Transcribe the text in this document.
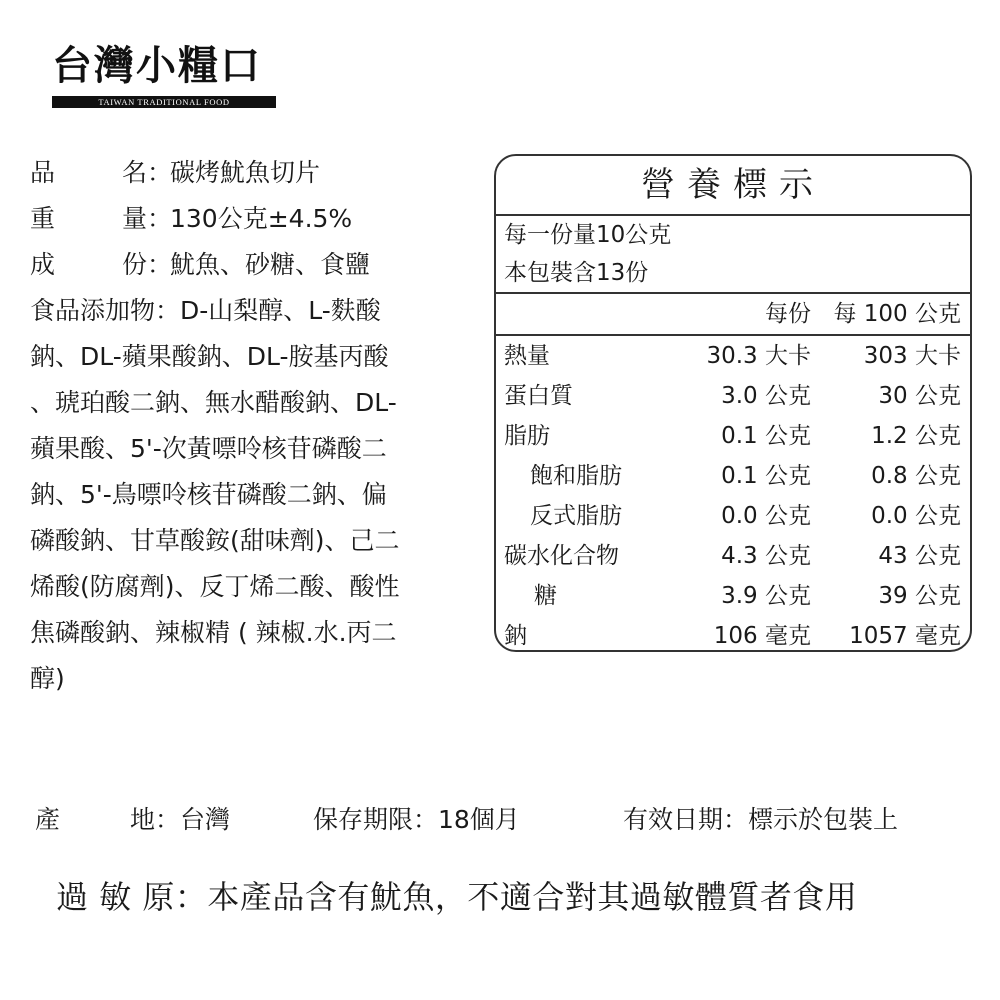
台灣小糧口
TAIWAN TRADITIONAL FOOD
品	名：碳烤魷魚切片
重	量：130公克±4.5%
成	份：魷魚、砂糖、食鹽
食品添加物：D-山梨醇、L-麩酸
鈉、DL-蘋果酸鈉、DL-胺基丙酸
、琥珀酸二鈉、無水醋酸鈉、DL-
蘋果酸、5'-次黃嘌呤核苷磷酸二
鈉、5'-鳥嘌呤核苷磷酸二鈉、偏
磷酸鈉、甘草酸銨(甜味劑)、己二
烯酸(防腐劑)、反丁烯二酸、酸性
焦磷酸鈉、辣椒精 ( 辣椒.水.丙二
醇)
營養標示
每一份量10公克
本包裝含13份
每份 每 100 公克
熱量	30.3 大卡	303 大卡
蛋白質	3.0 公克	30 公克
脂肪	0.1 公克	1.2 公克
飽和脂肪	0.1 公克	0.8 公克
反式脂肪	0.0 公克	0.0 公克
碳水化合物	4.3 公克	43 公克
糖	3.9 公克	39 公克
鈉	106 毫克	1057 毫克
產	地：台灣	保存期限：18個月	有效日期：標示於包裝上
過 敏 原：本產品含有魷魚，不適合對其過敏體質者食用
